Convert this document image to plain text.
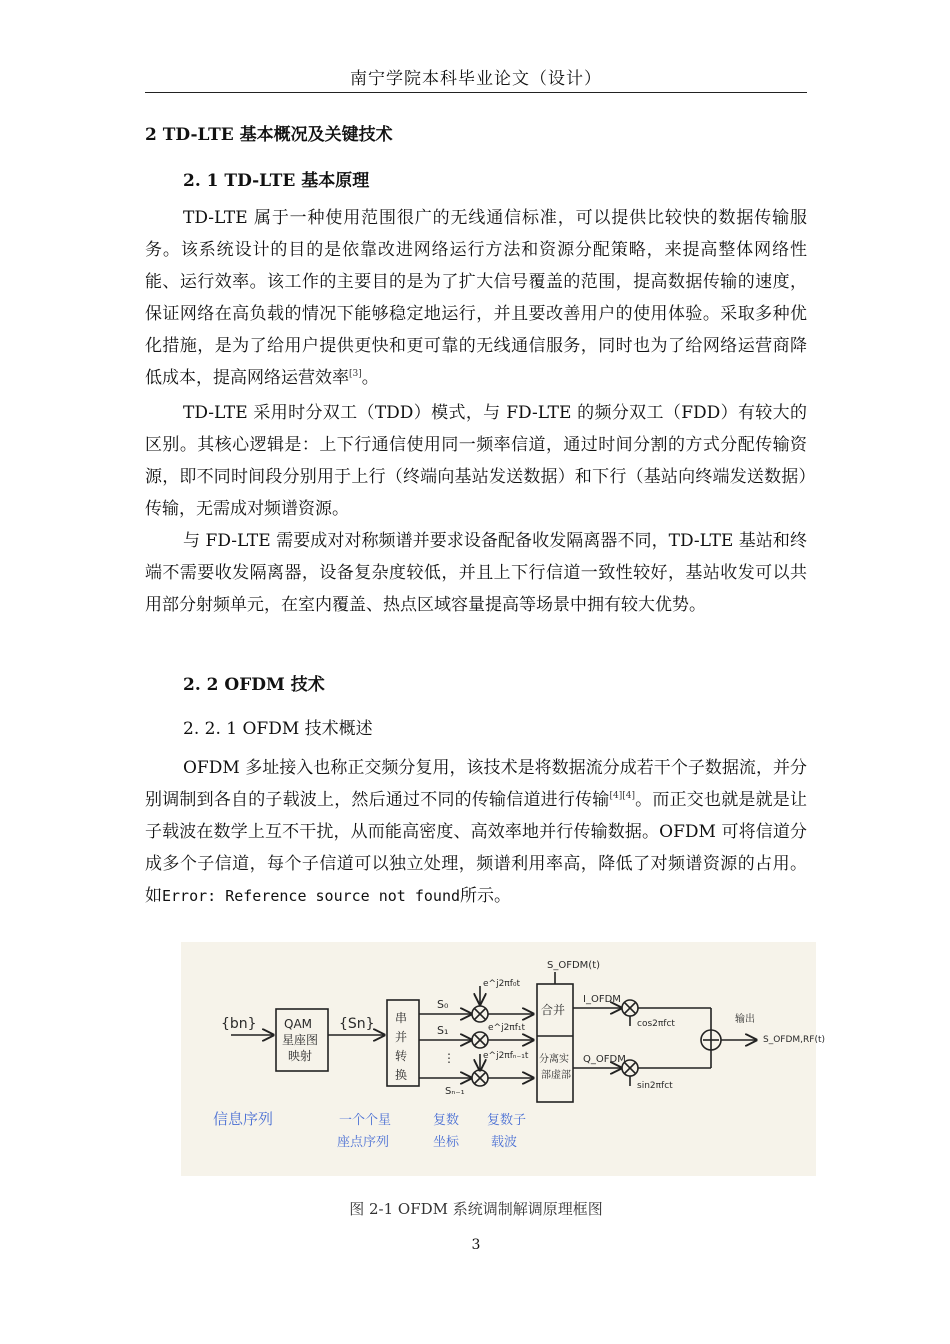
南宁学院本科毕业论文（设计）
2 TD-LTE 基本概况及关键技术
2. 1 TD-LTE 基本原理
TD-LTE 属于一种使用范围很广的无线通信标准，可以提供比较快的数据传输服务。该系统设计的目的是依靠改进网络运行方法和资源分配策略，来提高整体网络性能、运行效率。该工作的主要目的是为了扩大信号覆盖的范围，提高数据传输的速度，保证网络在高负载的情况下能够稳定地运行，并且要改善用户的使用体验。采取多种优化措施，是为了给用户提供更快和更可靠的无线通信服务，同时也为了给网络运营商降低成本，提高网络运营效率[3]。
TD-LTE 采用时分双工（TDD）模式，与 FD-LTE 的频分双工（FDD）有较大的区别。其核心逻辑是：上下行通信使用同一频率信道，通过时间分割的方式分配传输资源，即不同时间段分别用于上行（终端向基站发送数据）和下行（基站向终端发送数据）传输，无需成对频谱资源。
与 FD-LTE 需要成对对称频谱并要求设备配备收发隔离器不同，TD-LTE 基站和终端不需要收发隔离器，设备复杂度较低，并且上下行信道一致性较好，基站收发可以共用部分射频单元，在室内覆盖、热点区域容量提高等场景中拥有较大优势。
2. 2 OFDM 技术
2. 2. 1 OFDM 技术概述
OFDM 多址接入也称正交频分复用，该技术是将数据流分成若干个子数据流，并分别调制到各自的子载波上，然后通过不同的传输信道进行传输[4][4]。而正交也就是就是让子载波在数学上互不干扰，从而能高密度、高效率地并行传输数据。OFDM 可将信道分成多个子信道，每个子信道可以独立处理，频谱利用率高，降低了对频谱资源的占用。如Error: Reference source not found所示。
{bn} QAM
星座图
映射
{Sn} 串
并
转
换
S₀
S₁
⋮
Sₙ₋₁
e^j2πf₀t
e^j2πf₁t
e^j2πfₙ₋₁t
合并
分离实
部虚部
S_OFDM(t)
I_OFDM
Q_OFDM
cos2πfct
sin2πfct
输出
S_OFDM,RF(t)
信息序列	一个个星
座点序列
复数
坐标
复数子
载波
图 2-1 OFDM 系统调制解调原理框图
3
